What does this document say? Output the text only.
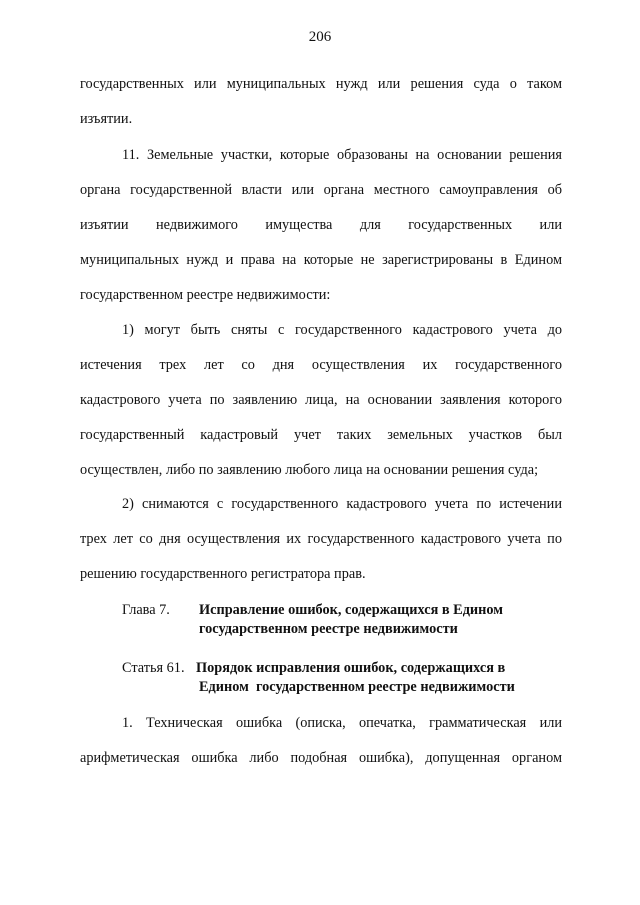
206
государственных или муниципальных нужд или решения суда о таком
изъятии.
11. Земельные участки, которые образованы на основании решения
органа государственной власти или органа местного самоуправления об
изъятии недвижимого имущества для государственных или
муниципальных нужд и права на которые не зарегистрированы в Едином
государственном реестре недвижимости:
1) могут быть сняты с государственного кадастрового учета до
истечения трех лет со дня осуществления их государственного
кадастрового учета по заявлению лица, на основании заявления которого
государственный кадастровый учет таких земельных участков был
осуществлен, либо по заявлению любого лица на основании решения суда;
2) снимаются с государственного кадастрового учета по истечении
трех лет со дня осуществления их государственного кадастрового учета по
решению государственного регистратора прав.
Глава 7. Исправление ошибок, содержащихся в Едином
государственном реестре недвижимости
Статья 61. Порядок исправления ошибок, содержащихся в
Едином  государственном реестре недвижимости
1. Техническая ошибка (описка, опечатка, грамматическая или
арифметическая ошибка либо подобная ошибка), допущенная органом
